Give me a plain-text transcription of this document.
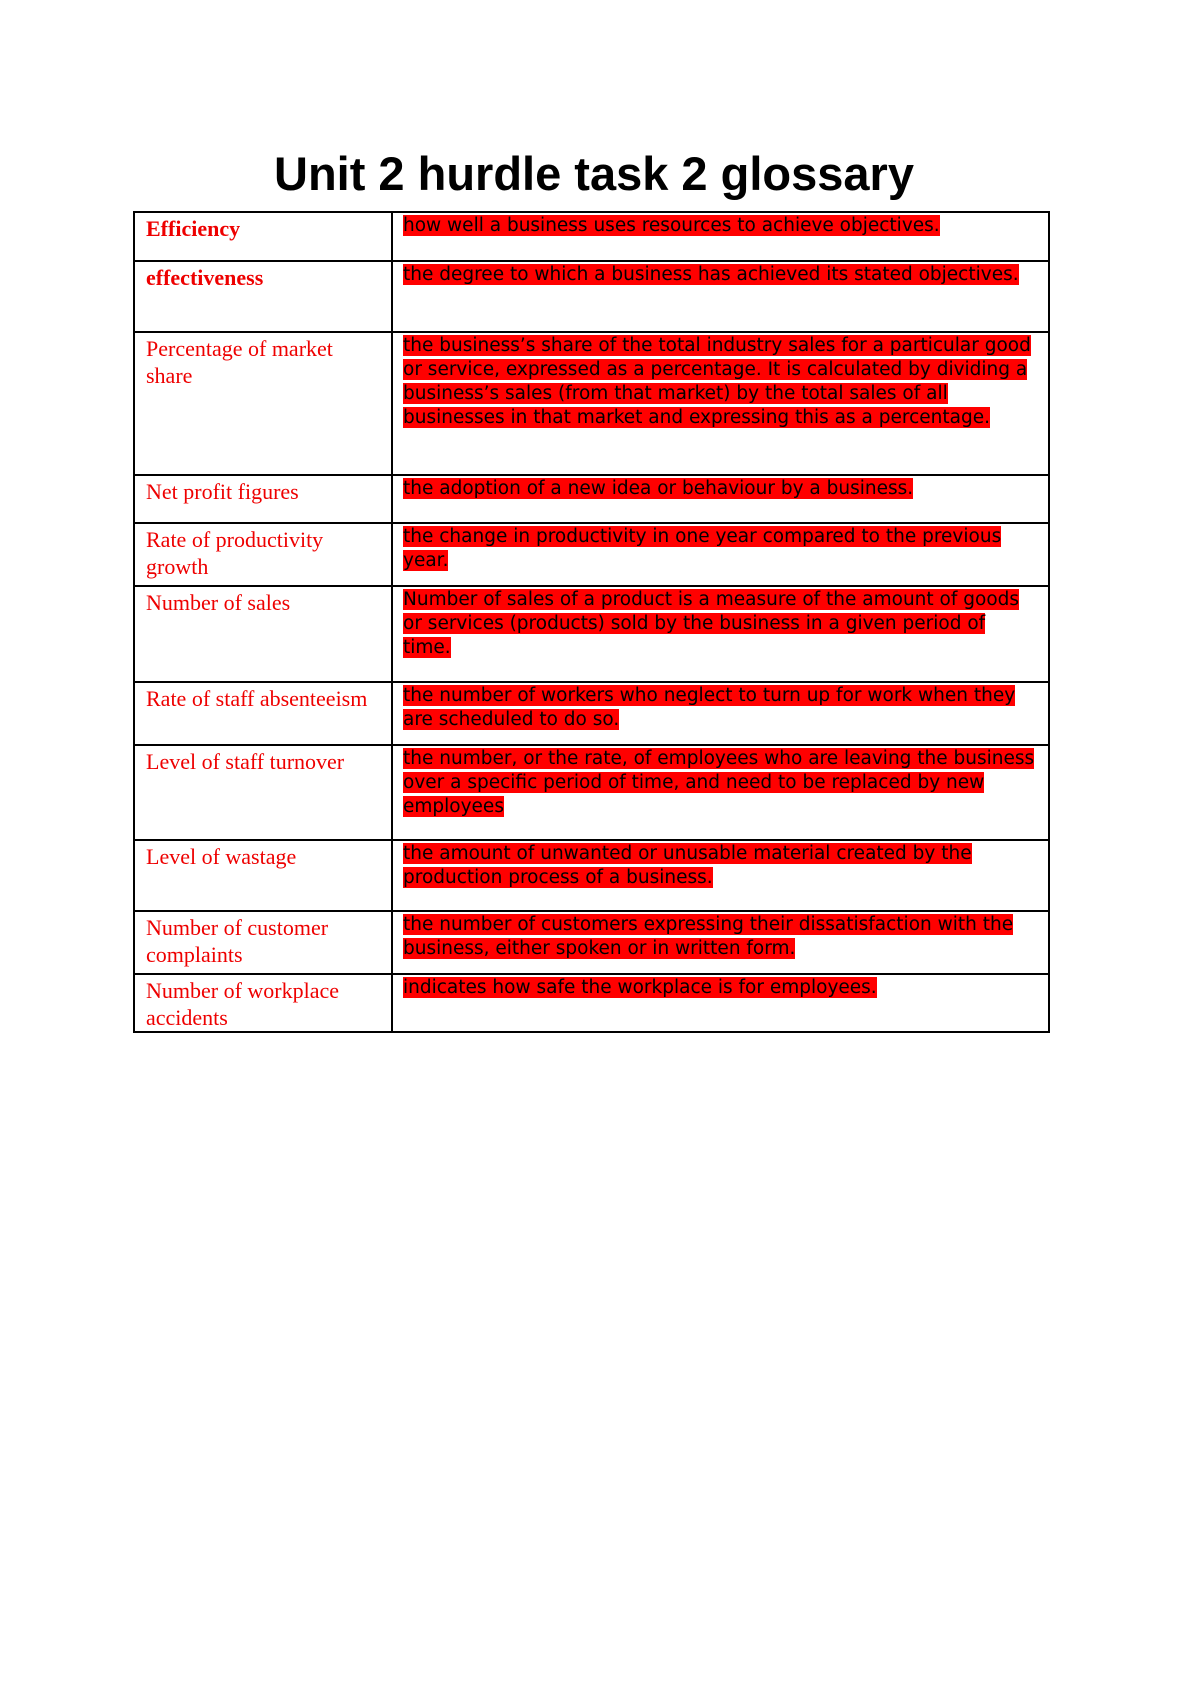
Unit 2 hurdle task 2 glossary
Efficiency	how well a business uses resources to achieve objectives.

effectiveness	the degree to which a business has achieved its stated objectives.

Percentage of market share	the business’s share of the total industry sales for a particular good or service, expressed as a percentage. It is calculated by dividing a business’s sales (from that market) by the total sales of all businesses in that market and expressing this as a percentage.

Net profit figures	the adoption of a new idea or behaviour by a business.

Rate of productivity growth	the change in productivity in one year compared to the previous year.

Number of sales	Number of sales of a product is a measure of the amount of goods or services (products) sold by the business in a given period of time.

Rate of staff absenteeism	the number of workers who neglect to turn up for work when they are scheduled to do so.

Level of staff turnover	the number, or the rate, of employees who are leaving the business over a specific period of time, and need to be replaced by new employees

Level of wastage	the amount of unwanted or unusable material created by the production process of a business.

Number of customer complaints	the number of customers expressing their dissatisfaction with the business, either spoken or in written form.

Number of workplace accidents	indicates how safe the workplace is for employees.
